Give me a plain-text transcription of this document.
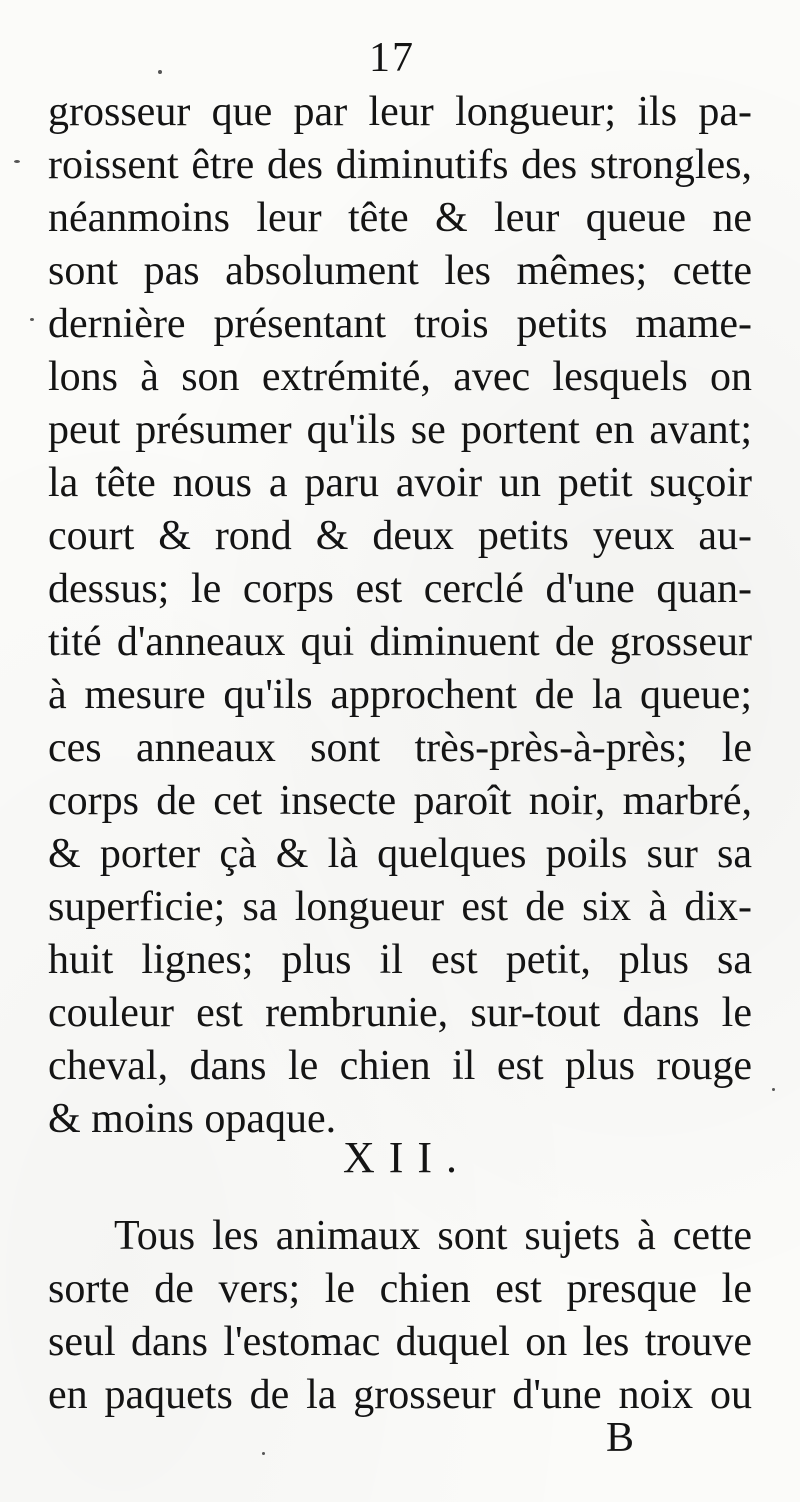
17
grosseur que par leur longueur; ils pa-
roissent être des diminutifs des strongles,
néanmoins leur tête & leur queue ne
sont pas absolument les mêmes; cette
dernière présentant trois petits mame-
lons à son extrémité, avec lesquels on
peut présumer qu'ils se portent en avant;
la tête nous a paru avoir un petit suçoir
court & rond & deux petits yeux au-
dessus; le corps est cerclé d'une quan-
tité d'anneaux qui diminuent de grosseur
à mesure qu'ils approchent de la queue;
ces anneaux sont très-près-à-près; le
corps de cet insecte paroît noir, marbré,
& porter çà & là quelques poils sur sa
superficie; sa longueur est de six à dix-
huit lignes; plus il est petit, plus sa
couleur est rembrunie, sur-tout dans le
cheval, dans le chien il est plus rouge
& moins opaque.
XII.
Tous les animaux sont sujets à cette
sorte de vers; le chien est presque le
seul dans l'estomac duquel on les trouve
en paquets de la grosseur d'une noix ou
B
